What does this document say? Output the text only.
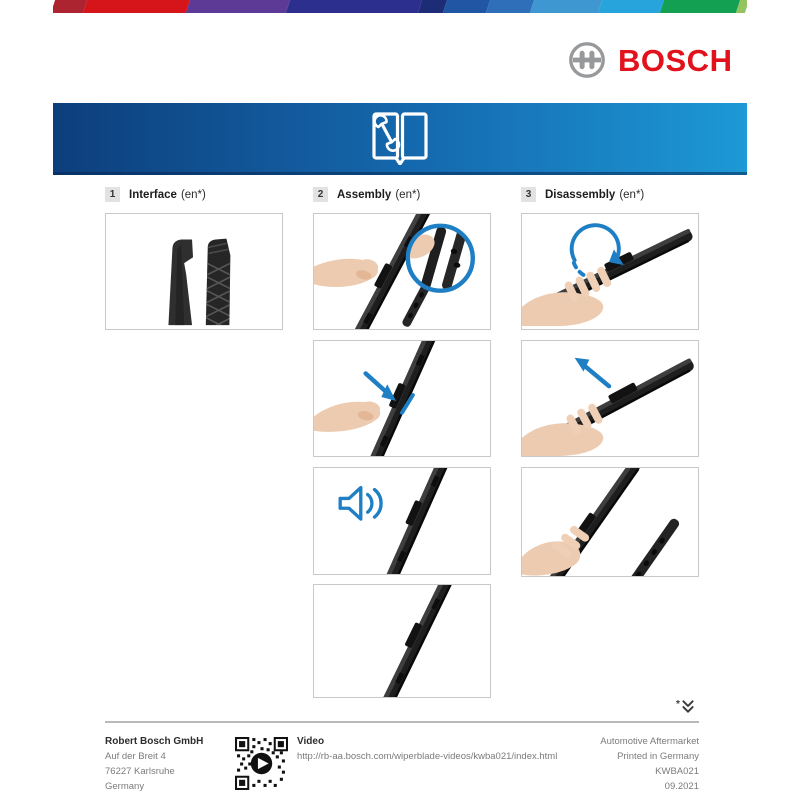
BOSCH
1	Interface (en*)	2	Assembly (en*)	3	Disassembly (en*)
*
Robert Bosch GmbH
Auf der Breit 4
76227 Karlsruhe
Germany
Video
http://rb-aa.bosch.com/wiperblade-videos/kwba021/index.html
Automotive Aftermarket
Printed in Germany
KWBA021
09.2021
